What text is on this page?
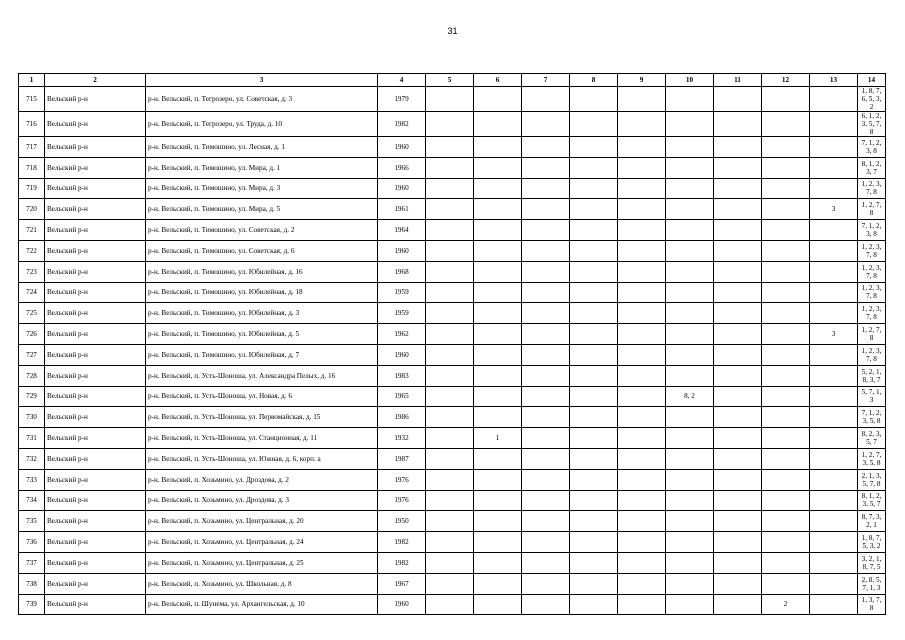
31
1	2	3	4	5	6	7	8	9	10	11	12	13	14
715	Вельский р-н	р-н. Вельский, п. Тегрозеро, ул. Советская, д. 3	1979										1, 8, 7, 6, 5, 3, 2
716	Вельский р-н	р-н. Вельский, п. Тегрозеро, ул. Труда, д. 10	1982										6, 1, 2, 3, 5, 7, 8
717	Вельский р-н	р-н. Вельский, п. Тимошино, ул. Лесная, д. 1	1960										7, 1, 2, 3, 8
718	Вельский р-н	р-н. Вельский, п. Тимошино, ул. Мира, д. 1	1966										8, 1, 2, 3, 7
719	Вельский р-н	р-н. Вельский, п. Тимошино, ул. Мира, д. 3	1960										1, 2, 3, 7, 8
720	Вельский р-н	р-н. Вельский, п. Тимошино, ул. Мира, д. 5	1961									3	1, 2, 7, 8
721	Вельский р-н	р-н. Вельский, п. Тимошино, ул. Советская, д. 2	1964										7, 1, 2, 3, 8
722	Вельский р-н	р-н. Вельский, п. Тимошино, ул. Советская, д. 6	1960										1, 2, 3, 7, 8
723	Вельский р-н	р-н. Вельский, п. Тимошино, ул. Юбилейная, д. 16	1968										1, 2, 3, 7, 8
724	Вельский р-н	р-н. Вельский, п. Тимошино, ул. Юбилейная, д. 18	1959										1, 2, 3, 7, 8
725	Вельский р-н	р-н. Вельский, п. Тимошино, ул. Юбилейная, д. 3	1959										1, 2, 3, 7, 8
726	Вельский р-н	р-н. Вельский, п. Тимошино, ул. Юбилейная, д. 5	1962									3	1, 2, 7, 8
727	Вельский р-н	р-н. Вельский, п. Тимошино, ул. Юбилейная, д. 7	1960										1, 2, 3, 7, 8
728	Вельский р-н	р-н. Вельский, п. Усть-Шоноша, ул. Александра Пелых, д. 16	1983										5, 2, 1, 8, 3, 7
729	Вельский р-н	р-н. Вельский, п. Усть-Шоноша, ул. Новая, д. 6	1965						8, 2				5, 7, 1, 3
730	Вельский р-н	р-н. Вельский, п. Усть-Шоноша, ул. Первомайская, д. 15	1986										7, 1, 2, 3, 5, 8
731	Вельский р-н	р-н. Вельский, п. Усть-Шоноша, ул. Станционная, д. 11	1932		1								8, 2, 3, 5, 7
732	Вельский р-н	р-н. Вельский, п. Усть-Шоноша, ул. Южная, д. 6, корп. а	1987										1, 2, 7, 3, 5, 8
733	Вельский р-н	р-н. Вельский, п. Хозьмино, ул. Дроздова, д. 2	1976										2, 1, 3, 5, 7, 8
734	Вельский р-н	р-н. Вельский, п. Хозьмино, ул. Дроздова, д. 3	1976										8, 1, 2, 3, 5, 7
735	Вельский р-н	р-н. Вельский, п. Хозьмино, ул. Центральная, д. 20	1950										8, 7, 3, 2, 1
736	Вельский р-н	р-н. Вельский, п. Хозьмино, ул. Центральная, д. 24	1982										1, 8, 7, 5, 3, 2
737	Вельский р-н	р-н. Вельский, п. Хозьмино, ул. Центральная, д. 25	1982										3, 2, 1, 8, 7, 5
738	Вельский р-н	р-н. Вельский, п. Хозьмино, ул. Школьная, д. 8	1967										2, 8, 5, 7, 1, 3
739	Вельский р-н	р-н. Вельский, п. Шунема, ул. Архангельская, д. 10	1960								2		1, 3, 7, 8
